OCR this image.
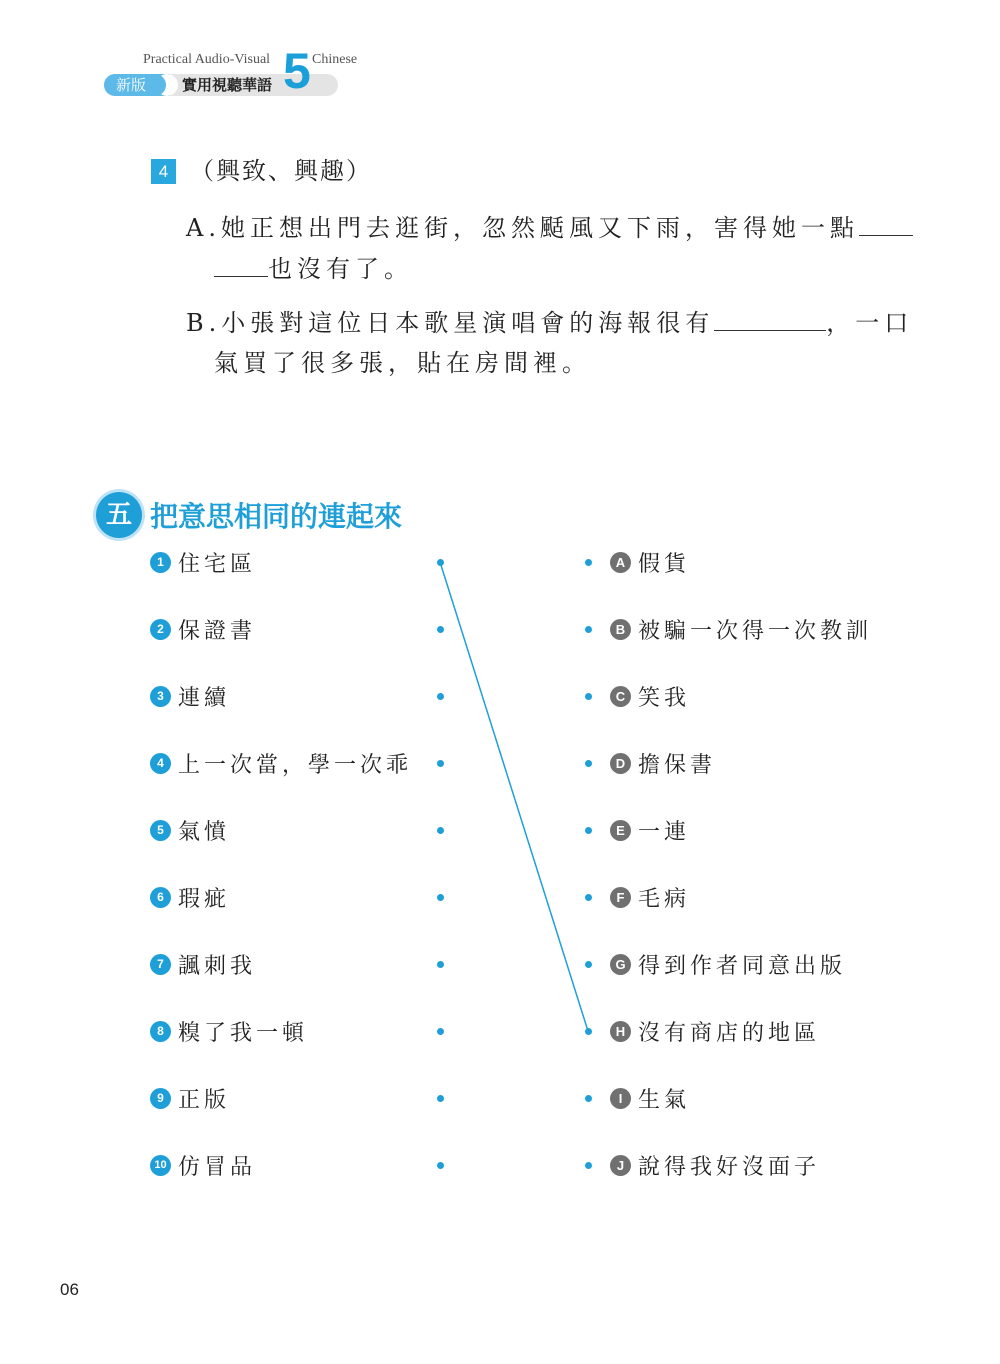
Practical Audio-Visual	Chinese
新版	實用視聽華語 5
4 （興致、興趣）
A.她正想出門去逛街，忽然颳風又下雨，害得她一點
也沒有了。
B.小張對這位日本歌星演唱會的海報很有	，一口
氣買了很多張，貼在房間裡。
五 把意思相同的連起來
1 住宅區
2 保證書
3 連續
4 上一次當，學一次乖
5 氣憤
6 瑕疵
7 諷刺我
8 糗了我一頓
9 正版
10 仿冒品
A 假貨
B 被騙一次得一次教訓
C 笑我
D 擔保書
E 一連
F 毛病
G 得到作者同意出版
H 沒有商店的地區
I 生氣
J 說得我好沒面子
06
